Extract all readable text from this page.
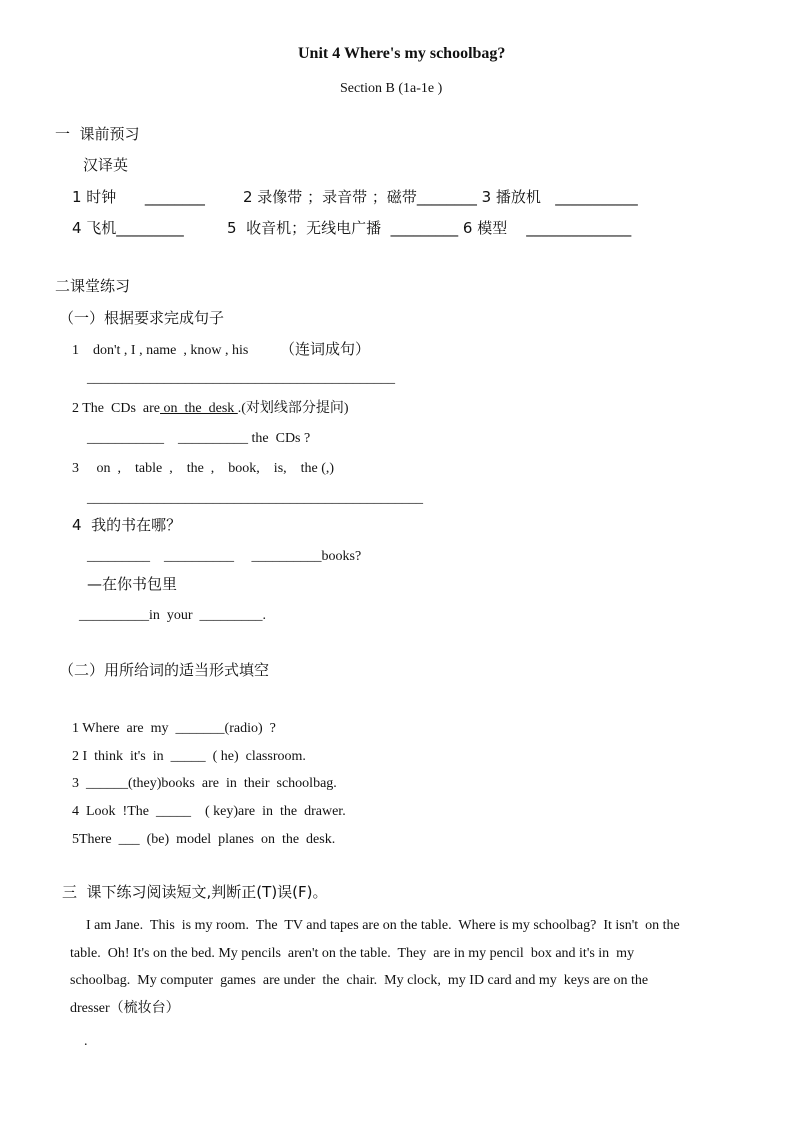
Unit 4 Where's my schoolbag?
Section B (1a-1e )
一  课前预习
汉译英
1 时钟      ________	2 录像带 ；录音带 ；磁带________ 3 播放机   ___________
4 飞机_________	5  收音机；无线电广播  _________ 6 模型    ______________
二课堂练习
（一）根据要求完成句子
1    don't , I , name  , know , his （连词成句）
____________________________________________
2 The  CDs  are on  the  desk .(对划线部分提问)
___________    __________ the  CDs ?
3     on  ,    table  ,    the  ,    book,    is,    the (,)
________________________________________________
4  我的书在哪？
_________    __________     __________books?
—在你书包里
__________in  your  _________.
（二）用所给词的适当形式填空
1 Where  are  my  _______(radio)  ?
2 I  think  it's  in  _____  ( he)  classroom.
3  ______(they)books  are  in  their  schoolbag.
4  Look  !The  _____    ( key)are  in  the  drawer.
5There  ___  (be)  model  planes  on  the  desk.
三  课下练习阅读短文,判断正(T)误(F)。
I am Jane.  This  is my room.  The  TV and tapes are on the table.  Where is my schoolbag?  It isn't  on the
table.  Oh! It's on the bed. My pencils  aren't on the table.  They  are in my pencil  box and it's in  my
schoolbag.  My computer  games  are under  the  chair.  My clock,  my ID card and my  keys are on the
dresser（梳妆台）
.
